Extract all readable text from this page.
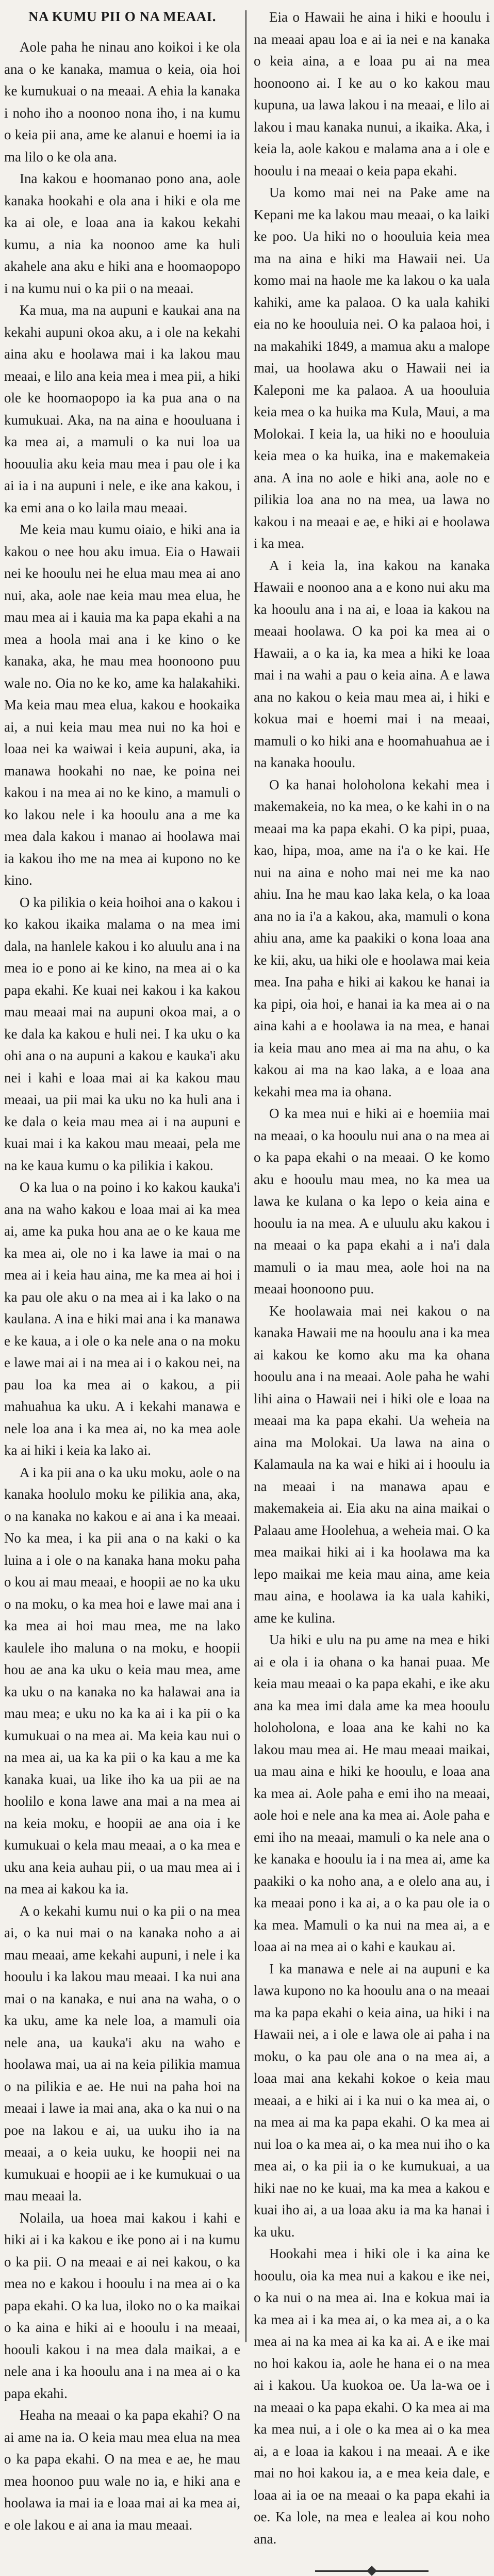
NA KUMU PII O NA MEAAI.

Aole paha he ninau ano koikoi i ke ola ana o ke kanaka, mamua o keia, oia hoi ke kumukuai o na meaai. A ehia la kanaka i noho iho a noonoo nona iho, i na kumu o keia pii ana, ame ke alanui e hoemi ia ia ma lilo o ke ola ana.

Ina kakou e hoomanao pono ana, aole kanaka hookahi e ola ana i hiki e ola me ka ai ole, e loaa ana ia kakou kekahi kumu, a nia ka noonoo ame ka huli akahele ana aku e hiki ana e hoomaopopo i na kumu nui o ka pii o na meaai.

Ka mua, ma na aupuni e kaukai ana na kekahi aupuni okoa aku, a i ole na kekahi aina aku e hoolawa mai i ka lakou mau meaai, e lilo ana keia mea i mea pii, a hiki ole ke hoomaopopo ia ka pua ana o na kumukuai. Aka, na na aina e hoouluana i ka mea ai, a mamuli o ka nui loa ua hoouulia aku keia mau mea i pau ole i ka ai ia i na aupuni i nele, e ike ana kakou, i ka emi ana o ko laila mau meaai.

Me keia mau kumu oiaio, e hiki ana ia kakou o nee hou aku imua. Eia o Hawaii nei ke hooulu nei he elua mau mea ai ano nui, aka, aole nae keia mau mea elua, he mau mea ai i kauia ma ka papa ekahi a na mea a hoola mai ana i ke kino o ke kanaka, aka, he mau mea hoonoono puu wale no. Oia no ke ko, ame ka halakahiki. Ma keia mau mea elua, kakou e hookaika ai, a nui keia mau mea nui no ka hoi e loaa nei ka waiwai i keia aupuni, aka, ia manawa hookahi no nae, ke poina nei kakou i na mea ai no ke kino, a mamuli o ko lakou nele i ka hooulu ana a me ka mea dala kakou i manao ai hoolawa mai ia kakou iho me na mea ai kupono no ke kino.

O ka pilikia o keia hoihoi ana o kakou i ko kakou ikaika malama o na mea imi dala, na hanlele kakou i ko aluulu ana i na mea io e pono ai ke kino, na mea ai o ka papa ekahi. Ke kuai nei kakou i ka kakou mau meaai mai na aupuni okoa mai, a o ke dala ka kakou e huli nei. I ka uku o ka ohi ana o na aupuni a kakou e kauka'i aku nei i kahi e loaa mai ai ka kakou mau meaai, ua pii mai ka uku no ka huli ana i ke dala o keia mau mea ai i na aupuni e kuai mai i ka kakou mau meaai, pela me na ke kaua kumu o ka pilikia i kakou.

O ka lua o na poino i ko kakou kauka'i ana na waho kakou e loaa mai ai ka mea ai, ame ka puka hou ana ae o ke kaua me ka mea ai, ole no i ka lawe ia mai o na mea ai i keia hau aina, me ka mea ai hoi i ka pau ole aku o na mea ai i ka lako o na kaulana. A ina e hiki mai ana i ka manawa e ke kaua, a i ole o ka nele ana o na moku e lawe mai ai i na mea ai i o kakou nei, na pau loa ka mea ai o kakou, a pii mahuahua ka uku. A i kekahi manawa e nele loa ana i ka mea ai, no ka mea aole ka ai hiki i keia ka lako ai.

A i ka pii ana o ka uku moku, aole o na kanaka hoolulo moku ke pilikia ana, aka, o na kanaka no kakou e ai ana i ka meaai. No ka mea, i ka pii ana o na kaki o ka luina a i ole o na kanaka hana moku paha o kou ai mau meaai, e hoopii ae no ka uku o na moku, o ka mea hoi e lawe mai ana i ka mea ai hoi mau mea, me na lako kaulele iho maluna o na moku, e hoopii hou ae ana ka uku o keia mau mea, ame ka uku o na kanaka no ka halawai ana ia mau mea; e uku no ka ka ai i ka pii o ka kumukuai o na mea ai. Ma keia kau nui o na mea ai, ua ka ka pii o ka kau a me ka kanaka kuai, ua like iho ka ua pii ae na hoolilo e kona lawe ana mai a na mea ai na keia moku, e hoopii ae ana oia i ke kumukuai o kela mau meaai, a o ka mea e uku ana keia auhau pii, o ua mau mea ai i na mea ai kakou ka ia.

A o kekahi kumu nui o ka pii o na mea ai, o ka nui mai o na kanaka noho a ai mau meaai, ame kekahi aupuni, i nele i ka hooulu i ka lakou mau meaai. I ka nui ana mai o na kanaka, e nui ana na waha, o o ka uku, ame ka nele loa, a mamuli oia nele ana, ua kauka'i aku na waho e hoolawa mai, ua ai na keia pilikia mamua o na pilikia e ae. He nui na paha hoi na meaai i lawe ia mai ana, aka o ka nui o na poe na lakou e ai, ua uuku iho ia na meaai, a o keia uuku, ke hoopii nei na kumukuai e hoopii ae i ke kumukuai o ua mau meaai la.

Nolaila, ua hoea mai kakou i kahi e hiki ai i ka kakou e ike pono ai i na kumu o ka pii. O na meaai e ai nei kakou, o ka mea no e kakou i hooulu i na mea ai o ka papa ekahi. O ka lua, iloko no o ka maikai o ka aina e hiki ai e hooulu i na meaai, hoouli kakou i na mea dala maikai, a e nele ana i ka hooulu ana i na mea ai o ka papa ekahi.

Heaha na meaai o ka papa ekahi? O na ai ame na ia. O keia mau mea elua na mea o ka papa ekahi. O na mea e ae, he mau mea hoonoo puu wale no ia, e hiki ana e hoolawa ia mai ia e loaa mai ai ka mea ai, e ole lakou e ai ana ia mau meaai.

Eia o Hawaii he aina i hiki e hooulu i na meaai apau loa e ai ia nei e na kanaka o keia aina, a e loaa pu ai na mea hoonoono ai. I ke au o ko kakou mau kupuna, ua lawa lakou i na meaai, e lilo ai lakou i mau kanaka nunui, a ikaika. Aka, i keia la, aole kakou e malama ana a i ole e hooulu i na meaai o keia papa ekahi.

Ua komo mai nei na Pake ame na Kepani me ka lakou mau meaai, o ka laiki ke poo. Ua hiki no o hoouluia keia mea ma na aina e hiki ma Hawaii nei. Ua komo mai na haole me ka lakou o ka uala kahiki, ame ka palaoa. O ka uala kahiki eia no ke hoouluia nei. O ka palaoa hoi, i na makahiki 1849, a mamua aku a malope mai, ua hoolawa aku o Hawaii nei ia Kaleponi me ka palaoa. A ua hoouluia keia mea o ka huika ma Kula, Maui, a ma Molokai. I keia la, ua hiki no e hoouluia keia mea o ka huika, ina e makemakeia ana. A ina no aole e hiki ana, aole no e pilikia loa ana no na mea, ua lawa no kakou i na meaai e ae, e hiki ai e hoolawa i ka mea.

A i keia la, ina kakou na kanaka Hawaii e noonoo ana a e kono nui aku ma ka hooulu ana i na ai, e loaa ia kakou na meaai hoolawa. O ka poi ka mea ai o Hawaii, a o ka ia, ka mea a hiki ke loaa mai i na wahi a pau o keia aina. A e lawa ana no kakou o keia mau mea ai, i hiki e kokua mai e hoemi mai i na meaai, mamuli o ko hiki ana e hoomahuahua ae i na kanaka hooulu.

O ka hanai holoholona kekahi mea i makemakeia, no ka mea, o ke kahi in o na meaai ma ka papa ekahi. O ka pipi, puaa, kao, hipa, moa, ame na i'a o ke kai. He nui na aina e noho mai nei me ka nao ahiu. Ina he mau kao laka kela, o ka loaa ana no ia i'a a kakou, aka, mamuli o kona ahiu ana, ame ka paakiki o kona loaa ana ke kii, aku, ua hiki ole e hoolawa mai keia mea. Ina paha e hiki ai kakou ke hanai ia ka pipi, oia hoi, e hanai ia ka mea ai o na aina kahi a e hoolawa ia na mea, e hanai ia keia mau ano mea ai ma na ahu, o ka kakou ai ma na kao laka, a e loaa ana kekahi mea ma ia ohana.

O ka mea nui e hiki ai e hoemiia mai na meaai, o ka hooulu nui ana o na mea ai o ka papa ekahi o na meaai. O ke komo aku e hooulu mau mea, no ka mea ua lawa ke kulana o ka lepo o keia aina e hooulu ia na mea. A e uluulu aku kakou i na meaai o ka papa ekahi a i na'i dala mamuli o ia mau mea, aole hoi na na meaai hoonoono puu.

Ke hoolawaia mai nei kakou o na kanaka Hawaii me na hooulu ana i ka mea ai kakou ke komo aku ma ka ohana hooulu ana i na meaai. Aole paha he wahi lihi aina o Hawaii nei i hiki ole e loaa na meaai ma ka papa ekahi. Ua weheia na aina ma Molokai. Ua lawa na aina o Kalamaula na ka wai e hiki ai i hooulu ia na meaai i na manawa apau e makemakeia ai. Eia aku na aina maikai o Palaau ame Hoolehua, a weheia mai. O ka mea maikai hiki ai i ka hoolawa ma ka lepo maikai me keia mau aina, ame keia mau aina, e hoolawa ia ka uala kahiki, ame ke kulina.

Ua hiki e ulu na pu ame na mea e hiki ai e ola i ia ohana o ka hanai puaa. Me keia mau meaai o ka papa ekahi, e ike aku ana ka mea imi dala ame ka mea hooulu holoholona, e loaa ana ke kahi no ka lakou mau mea ai. He mau meaai maikai, ua mau aina e hiki ke hooulu, e loaa ana ka mea ai. Aole paha e emi iho na meaai, aole hoi e nele ana ka mea ai. Aole paha e emi iho na meaai, mamuli o ka nele ana o ke kanaka e hooulu ia i na mea ai, ame ka paakiki o ka noho ana, a e olelo ana au, i ka meaai pono i ka ai, a o ka pau ole ia o ka mea. Mamuli o ka nui na mea ai, a e loaa ai na mea ai o kahi e kaukau ai.

I ka manawa e nele ai na aupuni e ka lawa kupono no ka hooulu ana o na meaai ma ka papa ekahi o keia aina, ua hiki i na Hawaii nei, a i ole e lawa ole ai paha i na moku, o ka pau ole ana o na mea ai, a loaa mai ana kekahi kokoe o keia mau meaai, a e hiki ai i ka nui o ka mea ai, o na mea ai ma ka papa ekahi. O ka mea ai nui loa o ka mea ai, o ka mea nui iho o ka mea ai, o ka pii ia o ke kumukuai, a ua hiki nae no ke kuai, ma ka mea a kakou e kuai iho ai, a ua loaa aku ia ma ka hanai i ka uku.

Hookahi mea i hiki ole i ka aina ke hooulu, oia ka mea nui a kakou e ike nei, o ka nui o na mea ai. Ina e kokua mai ia ka mea ai i ka mea ai, o ka mea ai, a o ka mea ai na ka mea ai ka ka ai. A e ike mai no hoi kakou ia, aole he hana ei o na mea ai i kakou. Ua kuokoa oe. Ua la-wa oe i na meaai o ka papa ekahi. O ka mea ai ma ka mea nui, a i ole o ka mea ai o ka mea ai, a e loaa ia kakou i na meaai. A e ike mai no hoi kakou ia, a e mea keia dale, e loaa ai ia oe na meaai o ka papa ekahi ia oe. Ka lole, na mea e lealea ai kou noho ana.
